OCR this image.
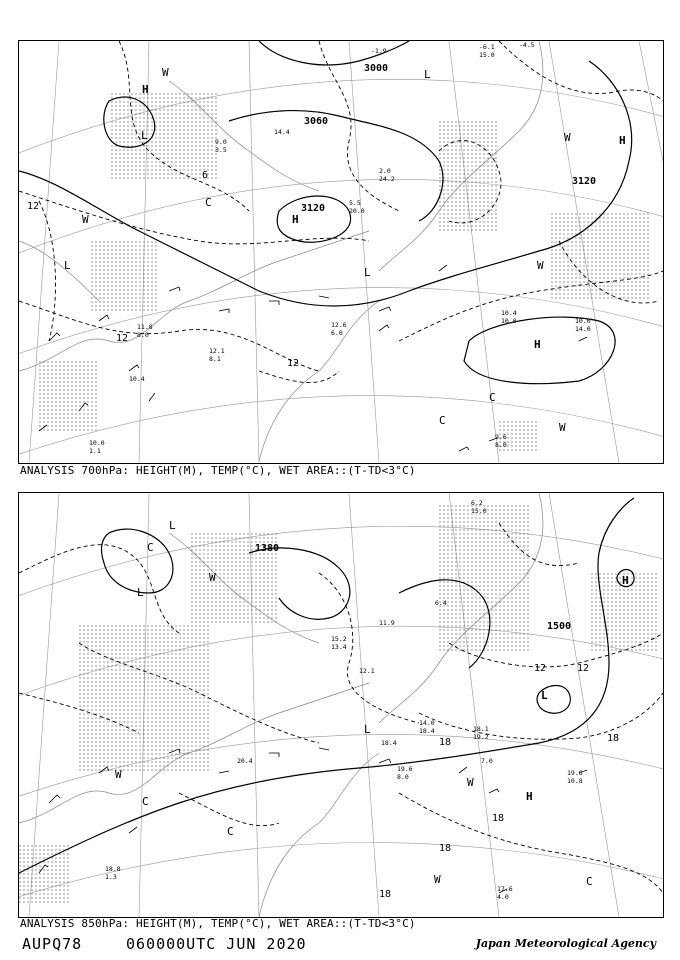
-1.9	-6.1
15.0
-4.5
14.4
9.0
3.5
10.4
10.0	10.0
14.0
11.8
8.0
12.1
8.1
10.0
1.1
9.6
8.0
10.4
12.6
6.0
5.5
20.0
2.0
24.2
3000
3060
3120
3120
12
12
12
6
H
H
H
H
L
L
L
L
C
C
C
W
W
W
W
W
ANALYSIS 700hPa: HEIGHT(M), TEMP(°C), WET AREA::(T-TD<3°C)
6.2
15.0
18.1
19.2
7.0
19.6
10.8
17.6
4.0
19.6
8.0
15.2
13.4
11.9
18.4
12.1
14.0
18.4
18.8
1.3
6.4
20.4
1380
1500
18	18
18
18
18
12	12
H
H
L
L
L
L
C
C
C
C
W
W
W
W
ANALYSIS 850hPa: HEIGHT(M), TEMP(°C), WET AREA::(T-TD<3°C)
AUPQ78	060000UTC JUN 2020	Japan Meteorological Agency
